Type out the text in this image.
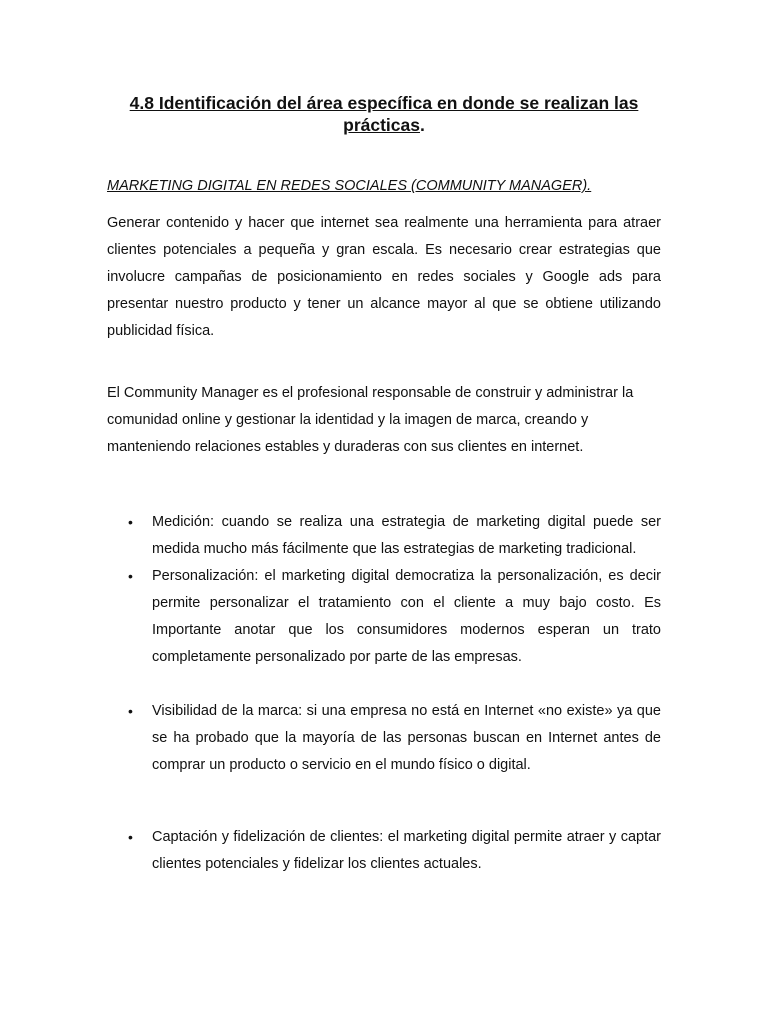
4.8 Identificación del área específica en donde se realizan las prácticas.
MARKETING DIGITAL EN REDES SOCIALES (COMMUNITY MANAGER).

Generar contenido y hacer que internet sea realmente una herramienta para atraer clientes potenciales a pequeña y gran escala. Es necesario crear estrategias que involucre campañas de posicionamiento en redes sociales y Google ads para presentar nuestro producto y tener un alcance mayor al que se obtiene utilizando publicidad física.

El Community Manager es el profesional responsable de construir y administrar la comunidad online y gestionar la identidad y la imagen de marca, creando y manteniendo relaciones estables y duraderas con sus clientes en internet.

• Medición: cuando se realiza una estrategia de marketing digital puede ser medida mucho más fácilmente que las estrategias de marketing tradicional.
• Personalización: el marketing digital democratiza la personalización, es decir permite personalizar el tratamiento con el cliente a muy bajo costo. Es Importante anotar que los consumidores modernos esperan un trato completamente personalizado por parte de las empresas.
• Visibilidad de la marca: si una empresa no está en Internet «no existe» ya que se ha probado que la mayoría de las personas buscan en Internet antes de comprar un producto o servicio en el mundo físico o digital.
• Captación y fidelización de clientes: el marketing digital permite atraer y captar clientes potenciales y fidelizar los clientes actuales.
